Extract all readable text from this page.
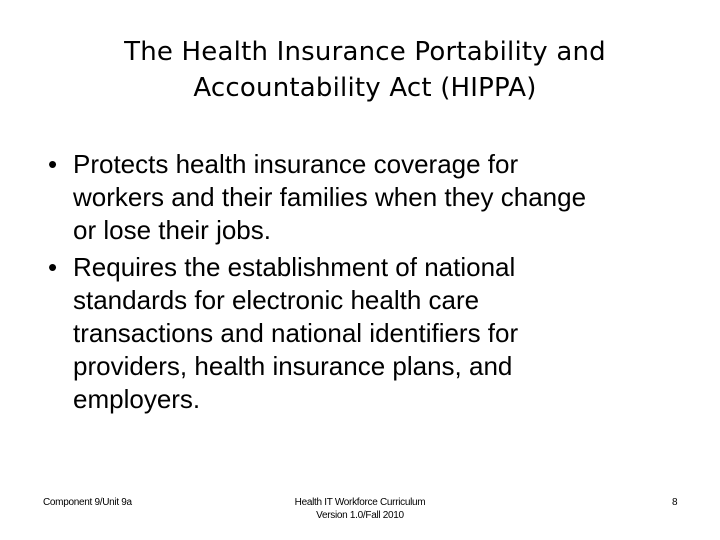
The Health Insurance Portability and
Accountability Act (HIPPA)
• Protects health insurance coverage for
workers and their families when they change
or lose their jobs.
• Requires the establishment of national
standards for electronic health care
transactions and national identifiers for
providers, health insurance plans, and
employers.
Component 9/Unit 9a	Health IT Workforce Curriculum
Version 1.0/Fall 2010
8
